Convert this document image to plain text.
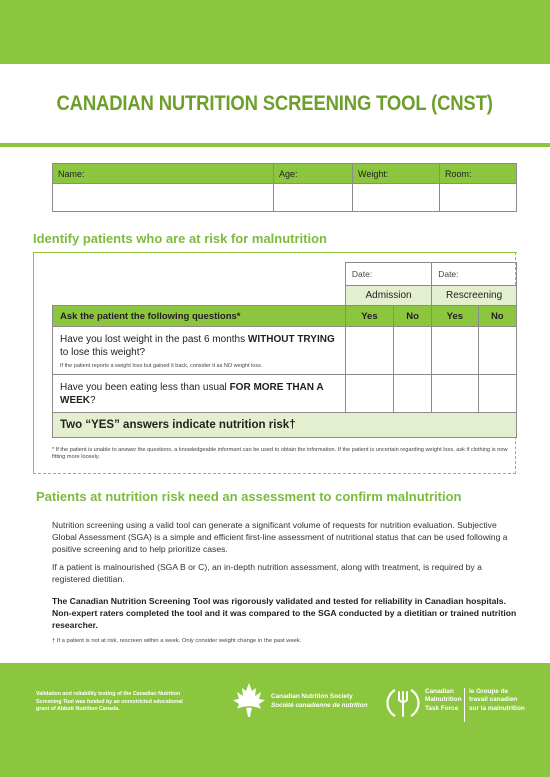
CANADIAN NUTRITION SCREENING TOOL (CNST)
Name:	Age:	Weight:	Room:

Identify patients who are at risk for malnutrition
	Date:		Date:	
	Admission		Rescreening	
Ask the patient the following questions*	Yes	No	Yes	No
Have you lost weight in the past 6 months WITHOUT TRYING to lose this weight?
If the patient reports a weight loss but gained it back, consider it as NO weight loss.				

Have you been eating less than usual FOR MORE THAN A WEEK?				
Two “YES” answers indicate nutrition risk†				
* If the patient is unable to answer the questions, a knowledgeable informant can be used to obtain the information. If the patient is uncertain regarding weight loss, ask if clothing is now fitting more loosely.
Patients at nutrition risk need an assessment to confirm malnutrition
Nutrition screening using a valid tool can generate a significant volume of requests for nutrition evaluation. Subjective Global Assessment (SGA) is a simple and efficient first-line assessment of nutritional status that can be used following a positive screening and to help prioritize cases.
If a patient is malnourished (SGA B or C), an in-depth nutrition assessment, along with treatment, is required by a registered dietitian.
The Canadian Nutrition Screening Tool was rigorously validated and tested for reliability in Canadian hospitals. Non-expert raters completed the tool and it was compared to the SGA conducted by a dietitian or trained nutrition researcher.
† If a patient is not at risk, rescreen within a week. Only consider weight change in the past week.
Validation and reliability testing of the Canadian Nutrition Screening Tool was funded by an unrestricted educational grant of Abbott Nutrition Canada.
Canadian Nutrition Society
Société canadienne de nutrition
Canadian
Malnutrition
Task Force
le Groupe de
travail canadien
sur la malnutrition
